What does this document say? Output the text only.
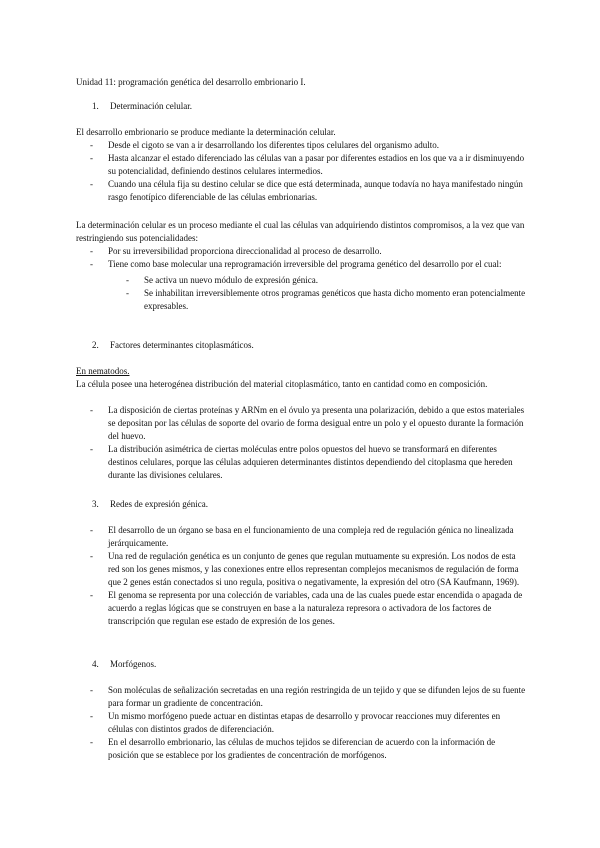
Unidad 11: programación genética del desarrollo embrionario I.
1. Determinación celular.
El desarrollo embrionario se produce mediante la determinación celular.
- Desde el cigoto se van a ir desarrollando los diferentes tipos celulares del organismo adulto.
- Hasta alcanzar el estado diferenciado las células van a pasar por diferentes estadios en los que va a ir disminuyendo su potencialidad, definiendo destinos celulares intermedios.
- Cuando una célula fija su destino celular se dice que está determinada, aunque todavía no haya manifestado ningún rasgo fenotípico diferenciable de las células embrionarias.
La determinación celular es un proceso mediante el cual las células van adquiriendo distintos compromisos, a la vez que van restringiendo sus potencialidades:
- Por su irreversibilidad proporciona direccionalidad al proceso de desarrollo.
- Tiene como base molecular una reprogramación irreversible del programa genético del desarrollo por el cual:
- Se activa un nuevo módulo de expresión génica.
- Se inhabilitan irreversiblemente otros programas genéticos que hasta dicho momento eran potencialmente expresables.
2. Factores determinantes citoplasmáticos.
En nematodos.
La célula posee una heterogénea distribución del material citoplasmático, tanto en cantidad como en composición.
- La disposición de ciertas proteínas y ARNm en el óvulo ya presenta una polarización, debido a que estos materiales se depositan por las células de soporte del ovario de forma desigual entre un polo y el opuesto durante la formación del huevo.
- La distribución asimétrica de ciertas moléculas entre polos opuestos del huevo se transformará en diferentes destinos celulares, porque las células adquieren determinantes distintos dependiendo del citoplasma que hereden durante las divisiones celulares.
3. Redes de expresión génica.
- El desarrollo de un órgano se basa en el funcionamiento de una compleja red de regulación génica no linealizada jerárquicamente.
- Una red de regulación genética es un conjunto de genes que regulan mutuamente su expresión. Los nodos de esta red son los genes mismos, y las conexiones entre ellos representan complejos mecanismos de regulación de forma que 2 genes están conectados si uno regula, positiva o negativamente, la expresión del otro (SA Kaufmann, 1969).
- El genoma se representa por una colección de variables, cada una de las cuales puede estar encendida o apagada de acuerdo a reglas lógicas que se construyen en base a la naturaleza represora o activadora de los factores de transcripción que regulan ese estado de expresión de los genes.
4. Morfógenos.
- Son moléculas de señalización secretadas en una región restringida de un tejido y que se difunden lejos de su fuente para formar un gradiente de concentración.
- Un mismo morfógeno puede actuar en distintas etapas de desarrollo y provocar reacciones muy diferentes en células con distintos grados de diferenciación.
- En el desarrollo embrionario, las células de muchos tejidos se diferencian de acuerdo con la información de posición que se establece por los gradientes de concentración de morfógenos.
